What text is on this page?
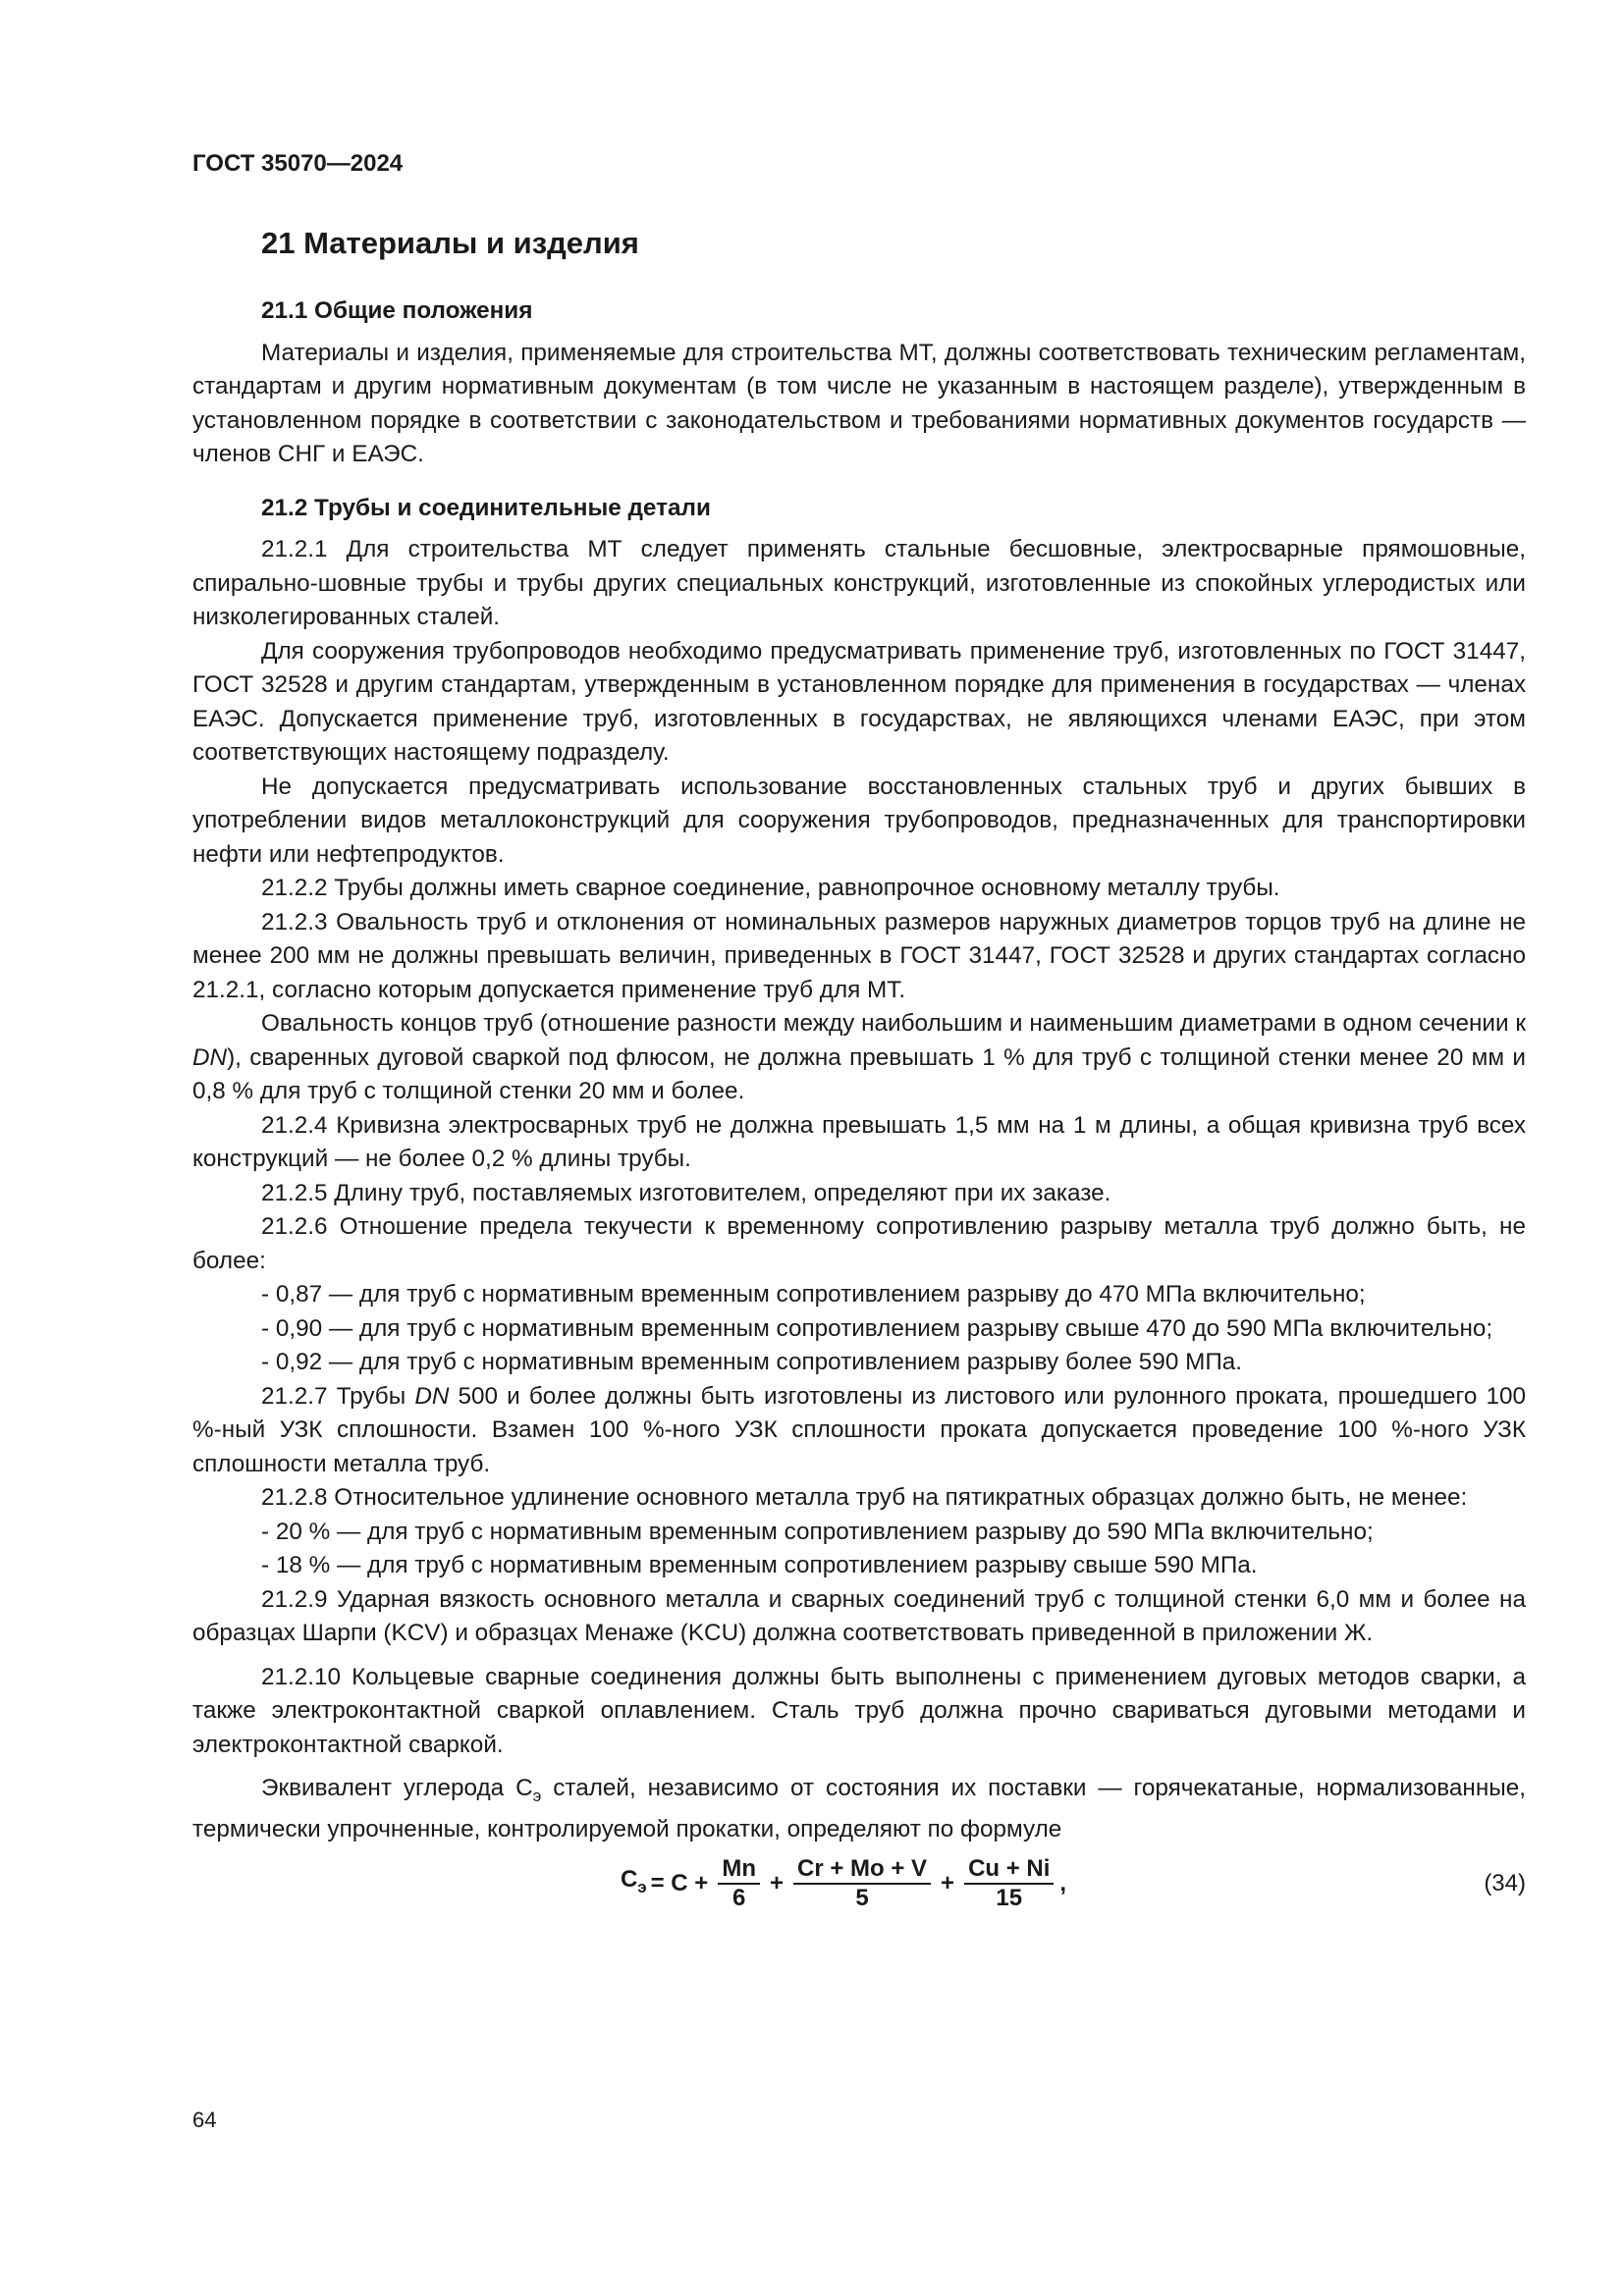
ГОСТ 35070—2024
21 Материалы и изделия
21.1 Общие положения

Материалы и изделия, применяемые для строительства МТ, должны соответствовать техническим регламентам, стандартам и другим нормативным документам (в том числе не указанным в настоящем разделе), утвержденным в установленном порядке в соответствии с законодательством и требованиями нормативных документов государств — членов СНГ и ЕАЭС.

21.2 Трубы и соединительные детали

21.2.1 Для строительства МТ следует применять стальные бесшовные, электросварные прямошовные, спирально-шовные трубы и трубы других специальных конструкций, изготовленные из спокойных углеродистых или низколегированных сталей.

Для сооружения трубопроводов необходимо предусматривать применение труб, изготовленных по ГОСТ 31447, ГОСТ 32528 и другим стандартам, утвержденным в установленном порядке для применения в государствах — членах ЕАЭС. Допускается применение труб, изготовленных в государствах, не являющихся членами ЕАЭС, при этом соответствующих настоящему подразделу.

Не допускается предусматривать использование восстановленных стальных труб и других бывших в употреблении видов металлоконструкций для сооружения трубопроводов, предназначенных для транспортировки нефти или нефтепродуктов.

21.2.2 Трубы должны иметь сварное соединение, равнопрочное основному металлу трубы.

21.2.3 Овальность труб и отклонения от номинальных размеров наружных диаметров торцов труб на длине не менее 200 мм не должны превышать величин, приведенных в ГОСТ 31447, ГОСТ 32528 и других стандартах согласно 21.2.1, согласно которым допускается применение труб для МТ.

Овальность концов труб (отношение разности между наибольшим и наименьшим диаметрами в одном сечении к DN), сваренных дуговой сваркой под флюсом, не должна превышать 1 % для труб с толщиной стенки менее 20 мм и 0,8 % для труб с толщиной стенки 20 мм и более.

21.2.4 Кривизна электросварных труб не должна превышать 1,5 мм на 1 м длины, а общая кривизна труб всех конструкций — не более 0,2 % длины трубы.

21.2.5 Длину труб, поставляемых изготовителем, определяют при их заказе.

21.2.6 Отношение предела текучести к временному сопротивлению разрыву металла труб должно быть, не более:

- 0,87 — для труб с нормативным временным сопротивлением разрыву до 470 МПа включительно;

- 0,90 — для труб с нормативным временным сопротивлением разрыву свыше 470 до 590 МПа включительно;

- 0,92 — для труб с нормативным временным сопротивлением разрыву более 590 МПа.

21.2.7 Трубы DN 500 и более должны быть изготовлены из листового или рулонного проката, прошедшего 100 %-ный УЗК сплошности. Взамен 100 %-ного УЗК сплошности проката допускается проведение 100 %-ного УЗК сплошности металла труб.

21.2.8 Относительное удлинение основного металла труб на пятикратных образцах должно быть, не менее:

- 20 % — для труб с нормативным временным сопротивлением разрыву до 590 МПа включительно;

- 18 % — для труб с нормативным временным сопротивлением разрыву свыше 590 МПа.

21.2.9 Ударная вязкость основного металла и сварных соединений труб с толщиной стенки 6,0 мм и более на образцах Шарпи (KCV) и образцах Менаже (KCU) должна соответствовать приведенной в приложении Ж.

21.2.10 Кольцевые сварные соединения должны быть выполнены с применением дуговых методов сварки, а также электроконтактной сваркой оплавлением. Сталь труб должна прочно свариваться дуговыми методами и электроконтактной сваркой.

Эквивалент углерода $С_э$ сталей, независимо от состояния их поставки — горячекатаные, нормализованные, термически упрочненные, контролируемой прокатки, определяют по формуле

$С_э = С + \frac{Mn}{6} + \frac{Cr + Mo + V}{5} + \frac{Cu + Ni}{15}$ ,	(34)
64
